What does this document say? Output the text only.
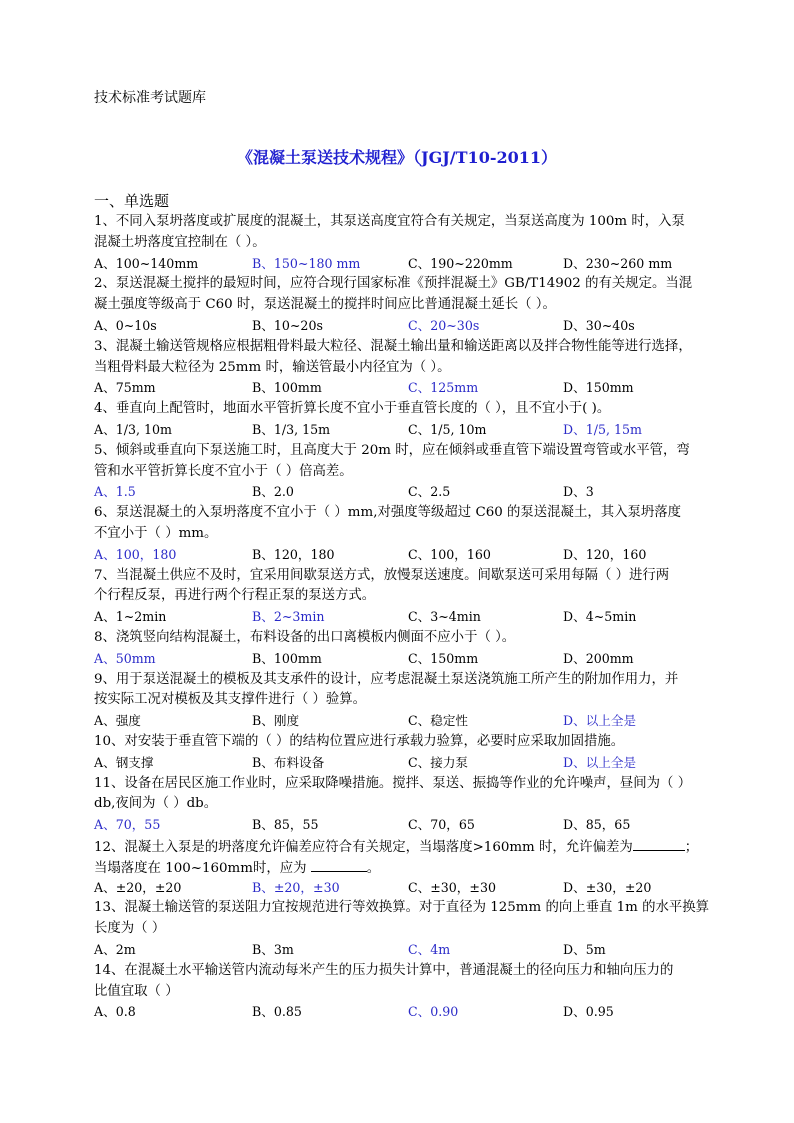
技术标准考试题库
《混凝土泵送技术规程》（JGJ/T10-2011）
一、单选题
1、不同入泵坍落度或扩展度的混凝土，其泵送高度宜符合有关规定，当泵送高度为 100m 时，入泵
混凝土坍落度宜控制在（ ）。
A、100~140mm	B、150~180 mm	C、190~220mm	D、230~260 mm
2、泵送混凝土搅拌的最短时间，应符合现行国家标准《预拌混凝土》GB/T14902 的有关规定。当混
凝土强度等级高于 C60 时，泵送混凝土的搅拌时间应比普通混凝土延长（ ）。
A、0~10s	B、10~20s	C、20~30s	D、30~40s
3、混凝土输送管规格应根据粗骨料最大粒径、混凝土输出量和输送距离以及拌合物性能等进行选择，
当粗骨料最大粒径为 25mm 时，输送管最小内径宜为（ ）。
A、75mm	B、100mm	C、125mm	D、150mm
4、垂直向上配管时，地面水平管折算长度不宜小于垂直管长度的（ ），且不宜小于( )。
A、1/3, 10m	B、1/3, 15m	C、1/5, 10m	D、1/5, 15m
5、倾斜或垂直向下泵送施工时，且高度大于 20m 时，应在倾斜或垂直管下端设置弯管或水平管，弯
管和水平管折算长度不宜小于（ ）倍高差。
A、1.5	B、2.0	C、2.5	D、3
6、泵送混凝土的入泵坍落度不宜小于（ ）mm,对强度等级超过 C60 的泵送混凝土，其入泵坍落度
不宜小于（ ）mm。
A、100，180	B、120，180	C、100，160	D、120，160
7、当混凝土供应不及时，宜采用间歇泵送方式，放慢泵送速度。间歇泵送可采用每隔（ ）进行两
个行程反泵，再进行两个行程正泵的泵送方式。
A、1~2min	B、2~3min	C、3~4min	D、4~5min
8、浇筑竖向结构混凝土，布料设备的出口离模板内侧面不应小于（ ）。
A、50mm	B、100mm	C、150mm	D、200mm
9、用于泵送混凝土的模板及其支承件的设计，应考虑混凝土泵送浇筑施工所产生的附加作用力，并
按实际工况对模板及其支撑件进行（ ）验算。
A、强度	B、刚度	C、稳定性	D、以上全是
10、对安装于垂直管下端的（ ）的结构位置应进行承载力验算，必要时应采取加固措施。
A、钢支撑	B、布料设备	C、接力泵	D、以上全是
11、设备在居民区施工作业时，应采取降噪措施。搅拌、泵送、振捣等作业的允许噪声，昼间为（ ）
db,夜间为（ ）db。
A、70，55	B、85，55	C、70，65	D、85，65
12、混凝土入泵是的坍落度允许偏差应符合有关规定，当塌落度>160mm 时，允许偏差为	；
当塌落度在 100~160mm时，应为	。
A、±20，±20	B、±20，±30	C、±30，±30	D、±30，±20
13、混凝土输送管的泵送阻力宜按规范进行等效换算。对于直径为 125mm 的向上垂直 1m 的水平换算
长度为（ ）
A、2m	B、3m	C、4m	D、5m
14、在混凝土水平输送管内流动每米产生的压力损失计算中，普通混凝土的径向压力和轴向压力的
比值宜取（ ）
A、0.8	B、0.85	C、0.90	D、0.95
